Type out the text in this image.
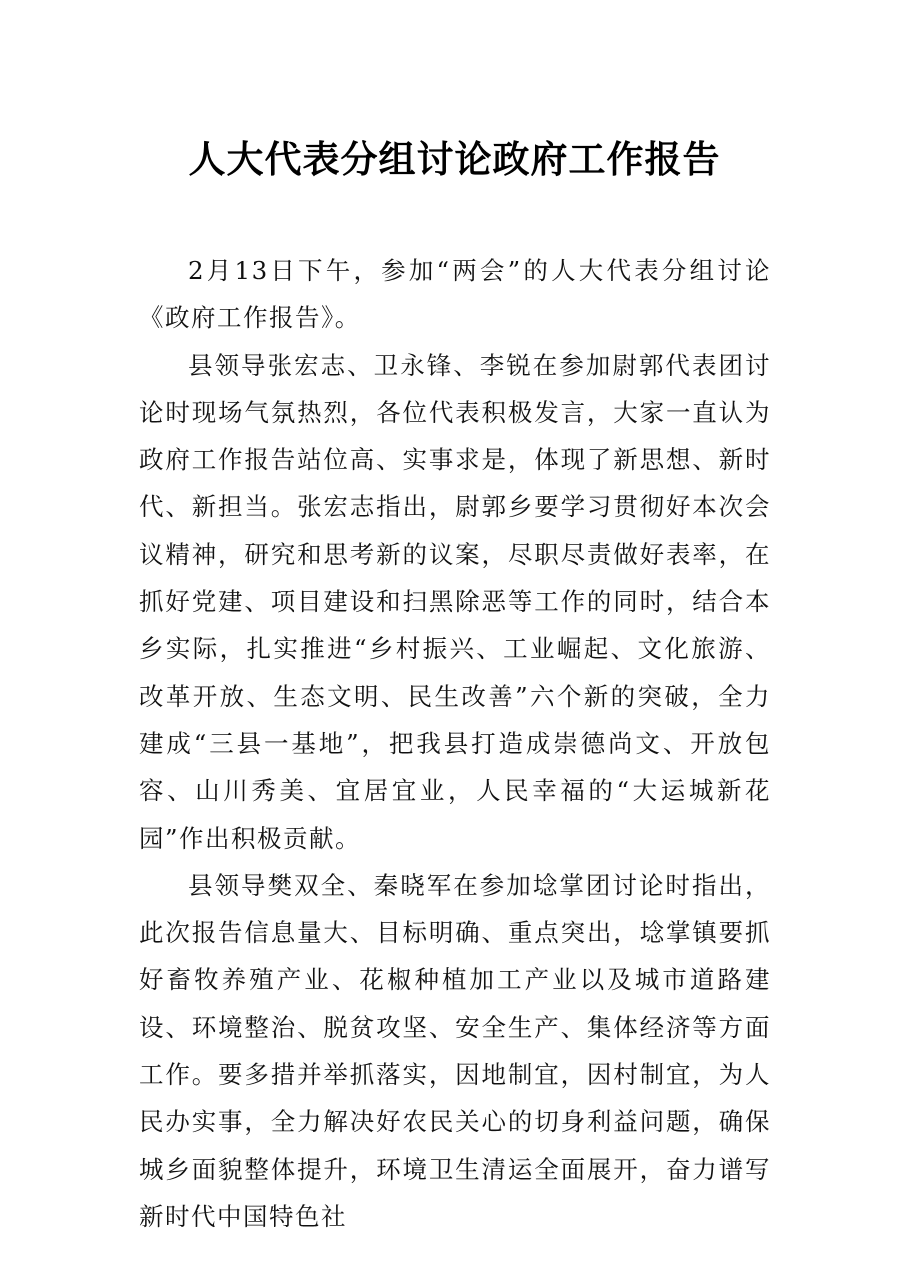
人大代表分组讨论政府工作报告

2月13日下午，参加“两会”的人大代表分组讨论《政府工作报告》。

县领导张宏志、卫永锋、李锐在参加尉郭代表团讨论时现场气氛热烈，各位代表积极发言，大家一直认为政府工作报告站位高、实事求是，体现了新思想、新时代、新担当。张宏志指出，尉郭乡要学习贯彻好本次会议精神，研究和思考新的议案，尽职尽责做好表率，在抓好党建、项目建设和扫黑除恶等工作的同时，结合本乡实际，扎实推进“乡村振兴、工业崛起、文化旅游、改革开放、生态文明、民生改善”六个新的突破，全力建成“三县一基地”，把我县打造成崇德尚文、开放包容、山川秀美、宜居宜业，人民幸福的“大运城新花园”作出积极贡献。

县领导樊双全、秦晓军在参加埝掌团讨论时指出，此次报告信息量大、目标明确、重点突出，埝掌镇要抓好畜牧养殖产业、花椒种植加工产业以及城市道路建设、环境整治、脱贫攻坚、安全生产、集体经济等方面工作。要多措并举抓落实，因地制宜，因村制宜，为人民办实事，全力解决好农民关心的切身利益问题，确保城乡面貌整体提升，环境卫生清运全面展开，奋力谱写新时代中国特色社
